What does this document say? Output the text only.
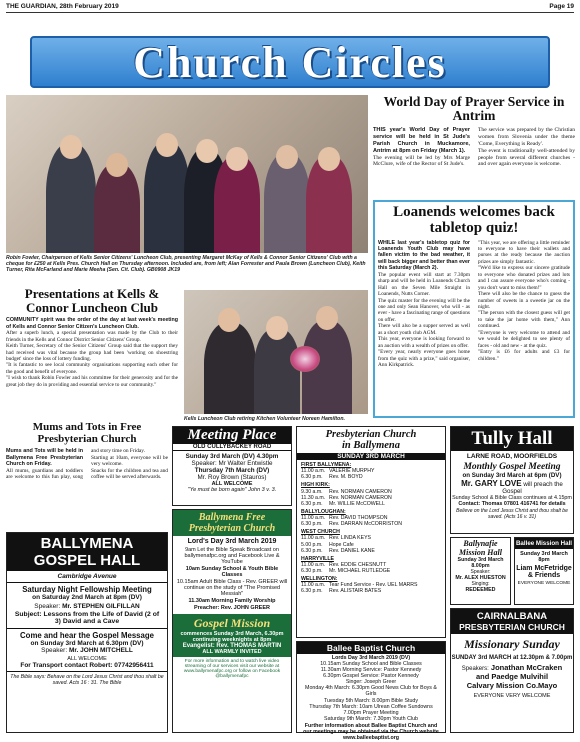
THE GUARDIAN, 28th February 2019	Page 19
Church Circles
Robin Fowler, Chairperson of Kells Senior Citizens' Luncheon Club, presenting Margaret McKay of Kells & Connor Senior Citizens' Club with a cheque for £250 at Kells Pres. Church Hall on Thursday afternoon. Included are, from left; Alan Forrester and Paula Brown (Luncheon Club), Keith Turner, Rita McFarland and Marie Meeha (Sen. Cit. Club). GB0908 JK19
World Day of Prayer Service in Antrim
THIS year's World Day of Prayer service will be held in St Jude's Parish Church in Muckamore, Antrim at 8pm on Friday (March 1).

The evening will be led by Mrs Marge McClure, wife of the Rector of St Jude's.

The service was prepared by the Christian women from Slovenia under the theme 'Come, Everything is Ready'.

The event is traditionally well-attended by people from several different churches - and over again everyone is welcome.

Loanends welcomes back tabletop quiz!
WHILE last year's tabletop quiz for Loanends Youth Club may have fallen victim to the bad weather, it will back bigger and better than ever this Saturday (March 2).

The popular event will start at 7.30pm sharp and will be held in Loanends Church Hall on the Seven Mile Straight in Loanends, Nutts Corner.

The quiz master for the evening will be the one and only Sean Hanover, who will - as ever - have a fascinating range of questions on offer.

There will also be a supper served as well as a short youth club AGM.

This year, everyone is looking forward to an auction with a wealth of prizes on offer.

"Every year, nearly everyone goes home from the quiz with a prize," said organiser, Ann Kirkpatrick.

"This year, we are offering a little reminder to everyone to have their wallets and purses at the ready because the auction prizes are simply fantastic.

"We'd like to express our sincere gratitude to everyone who donated prizes and lots and I can assure everyone who's coming - you don't want to miss them!"

There will also be the chance to guess the number of sweets in a sweetie jar on the night.

"The person with the closest guess will get to take the jar home with them," Ann continued.

"Everyone is very welcome to attend and we would be delighted to see plenty of faces - old and new - at the quiz.

"Entry is £6 for adults and £3 for children."

Presentations at Kells & Connor Luncheon Club
COMMUNITY spirit was the order of the day at last week's meeting of Kells and Connor Senior Citizen's Luncheon Club.

After a superb lunch, a special presentation was made by the Club to their friends in the Kells and Connor District Senior Citizens' Group.

Keith Turner, Secretary of the Senior Citizens' Group said that the support they had received was vital because the group had been 'working on shoestring budget' since the loss of lottery funding.

"It is fantastic to see local community organisations supporting each other for the good and benefit of everyone.

"I wish to thank Robin Fowler and his committee for their generosity and for the great job they do in providing and essential service to our community."

Kells Luncheon Club retiring Kitchen Volunteer Noreen Hamilton.
Mums and Tots in Free Presbyterian Church
Mums and Tots will be held in Ballymena Free Presbyterian Church on Friday.

All mums, guardians and toddlers are welcome to this fun play, song and story time on Friday.

Starting at 10am, everyone will be very welcome.

Snacks for the children and tea and coffee will be served afterwards.

BALLYMENA
GOSPEL HALL
Cambridge Avenue
Saturday Night Fellowship Meeting
on Saturday 2nd March at 8pm (DV)
Speaker: Mr. STEPHEN GILFILLAN
Subject: Lessons from the Life of David (2 of 3) David and a Cave
Come and hear the Gospel Message
on Sunday 3rd March at 6.30pm (DV)
Speaker: Mr. JOHN MITCHELL
ALL WELCOME
For Transport contact Robert: 07742956411
The Bible says: Behave on the Lord Jesus Christ and thou shalt be saved. Acts 16 : 31. The Bible
Meeting Place
OLD CULLYBACKEY ROAD
Sunday 3rd March (DV) 4.30pm
Speaker: Mr Walter Entwistle
Thursday 7th March (DV)
Mr. Roy Brown (Stauros)
ALL WELCOME
"Ye must be born again" John 3 v. 3.
Ballymena Free
Presbyterian Church
Lord's Day 3rd March 2019
9am Let the Bible Speak Broadcast on ballymenafpc.org and Facebook Live & YouTube
10am Sunday School & Youth Bible Classes
10.15am Adult Bible Class - Rev. GREER will continue on the study of "The Promised Messiah"
11.30am Morning Family Worship
Preacher: Rev. JOHN GREER
Gospel Mission
commences Sunday 3rd March, 6.30pm
continuing weeknights at 8pm
Evangelist: Rev. THOMAS MARTIN
ALL WARMLY INVITED
For more information and to watch live video streaming of our services visit our website at www.ballymenafpc.org or follow on Facebook @ballymenafpc
Presbyterian Church
in Ballymena
SUNDAY 3RD MARCH
FIRST BALLYMENA:
11.00 a.m. VALERIE MURPHY
6.30 p.m.	Rev. M. BOYD
HIGH KIRK:
9.30 a.m.	Rev. NORMAN CAMERON
11.30 a.m. Rev. NORMAN CAMERON
6.30 p.m.	Mr. WILLIE McCOWELL
BALLYLOUGHAN:
11.00 a.m. Rev. DAVID THOMPSON
6.30 p.m.	Rev. DARRAN McCORRISTON
WEST CHURCH
11.00 a.m. Rev. LINDA KEYS
5.00 p.m.	Hope Cafe
6.30 p.m.	Rev. DANIEL KANE
HARRYVILLE
11.00 a.m. Rev. EDDIE CHESNUTT
6.30 p.m.	Mr. MICHAEL RUTLEDGE
WELLINGTON:
11.00 a.m. Tear Fund Service - Rev. UEL MARRS
6.30 p.m.	Rev. ALISTAIR BATES
Ballee Baptist Church
Lords Day 3rd March 2019 (DV)
10.15am Sunday School and Bible Classes
11.30am Morning Service: Pastor Kennedy
6.30pm Gospel Service: Pastor Kennedy
Singer: Joseph Greer
Monday 4th March: 6.30pm Good News Club for Boys & Girls
Tuesday 5th March: 8.00pm Bible Study
Thursday 7th March: 10am Ulrean Coffee Sundowns
7.00pm Prayer Meeting
Saturday 9th March: 7.30pm Youth Club
Further information about Ballee Baptist Church and our meetings may be obtained via the Church website www.balleebaptist.org
Tully Hall
LARNE ROAD, MOORFIELDS
Monthly Gospel Meeting
on Sunday 3rd March at 6pm (DV)
Mr. GARY LOVE will preach the Gospel
Sunday School & Bible Class continues at 4.15pm
Contact: Thomas 07801 416741 for details
Believe on the Lord Jesus Christ and thou shalt be saved. (Acts 16 v. 31)
Ballynafie
Mission Hall
Sunday 3rd March
8.00pm
Speaker:
Mr. ALEX HUESTON
Singing:
REDEEMED
Ballee Mission Hall
Sunday 3rd March
8pm
Liam McFetridge
& Friends
EVERYONE WELCOME
CAIRNALBANA
PRESBYTERIAN CHURCH
Missionary Sunday
SUNDAY 3rd MARCH at 12.30pm & 7.00pm
Speakers: Jonathan McCraken
and Paedge Mulvihil
Calvary Mission Co.Mayo
EVERYONE VERY WELCOME
